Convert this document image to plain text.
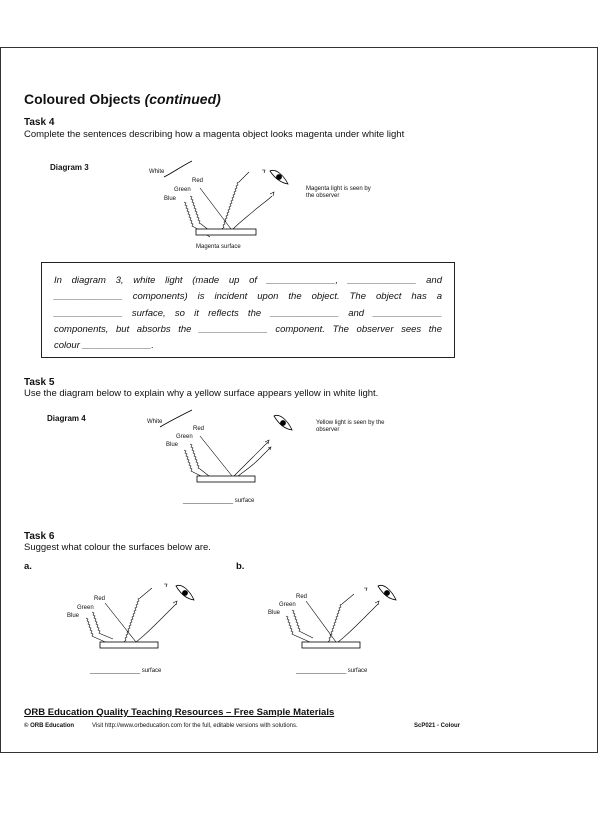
Coloured Objects (continued)
Task 4
Complete the sentences describing how a magenta object looks magenta under white light
Diagram 3	White
Red
Green
Blue
Magenta light is seen by the observer
Magenta surface
In diagram 3, white light (made up of _____________, _____________ and
_____________ components) is incident upon the object. The object has a
_____________ surface, so it reflects the _____________ and _____________
components, but absorbs the _____________ component. The observer sees the
colour _____________.
Task 5
Use the diagram below to explain why a yellow surface appears yellow in white light.
Diagram 4	White
Red
Green
Blue
Yellow light is seen by the observer
_______________ surface
Task 6
Suggest what colour the surfaces below are.
a.	b.
Red
Green
Blue
_______________ surface
Red
Green
Blue
_______________ surface
ORB Education Quality Teaching Resources – Free Sample Materials
© ORB Education	Visit http://www.orbeducation.com for the full, editable versions with solutions.	ScP021 - Colour
